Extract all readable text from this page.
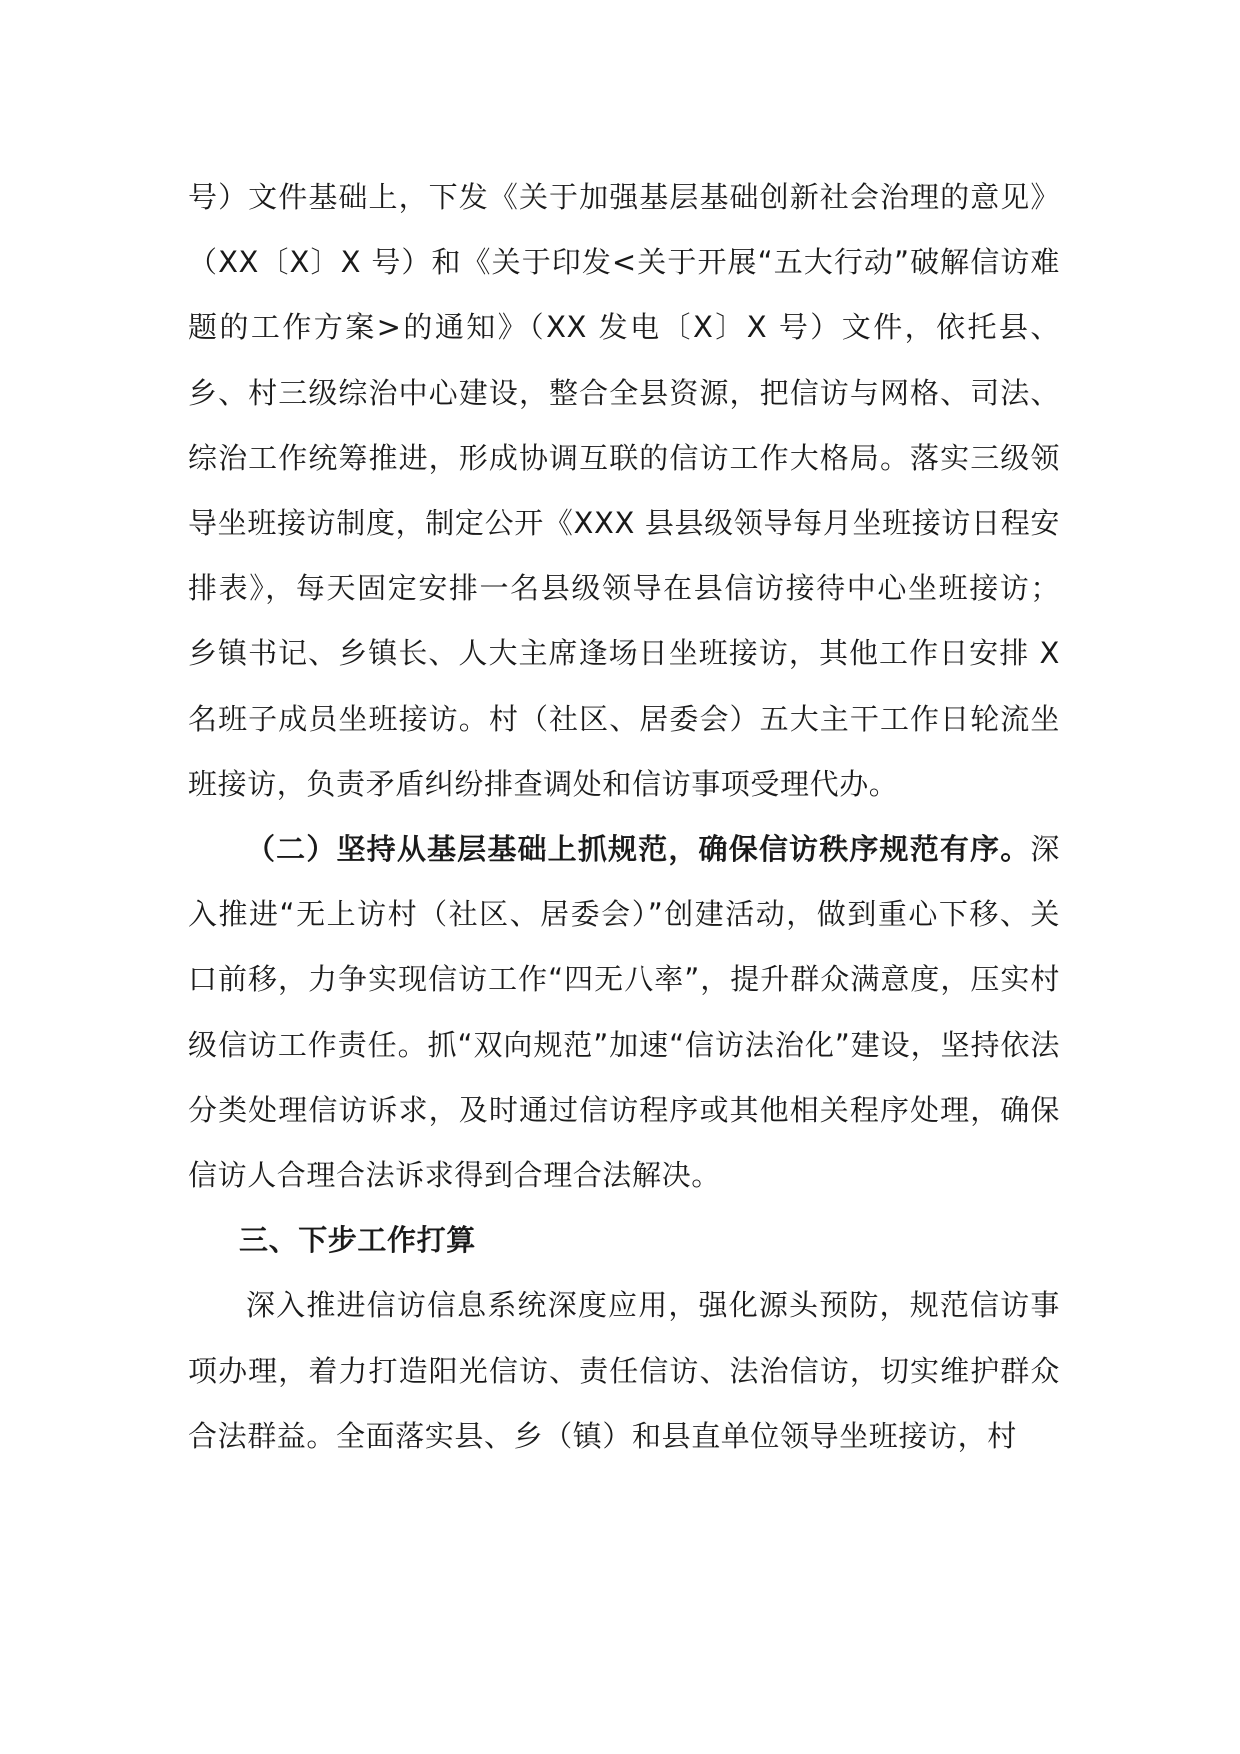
号）文件基础上，下发《关于加强基层基础创新社会治理的意见》（XX〔X〕X 号）和《关于印发<关于开展“五大行动”破解信访难题的工作方案>的通知》（XX 发电〔X〕X 号）文件，依托县、乡、村三级综治中心建设，整合全县资源，把信访与网格、司法、综治工作统筹推进，形成协调互联的信访工作大格局。落实三级领导坐班接访制度，制定公开《XXX 县县级领导每月坐班接访日程安排表》，每天固定安排一名县级领导在县信访接待中心坐班接访；乡镇书记、乡镇长、人大主席逢场日坐班接访，其他工作日安排 X 名班子成员坐班接访。村（社区、居委会）五大主干工作日轮流坐班接访，负责矛盾纠纷排查调处和信访事项受理代办。

（二）坚持从基层基础上抓规范，确保信访秩序规范有序。深入推进“无上访村（社区、居委会）”创建活动，做到重心下移、关口前移，力争实现信访工作“四无八率”，提升群众满意度，压实村级信访工作责任。抓“双向规范”加速“信访法治化”建设，坚持依法分类处理信访诉求，及时通过信访程序或其他相关程序处理，确保信访人合理合法诉求得到合理合法解决。

三、下步工作打算

深入推进信访信息系统深度应用，强化源头预防，规范信访事项办理，着力打造阳光信访、责任信访、法治信访，切实维护群众合法群益。全面落实县、乡（镇）和县直单位领导坐班接访，村
